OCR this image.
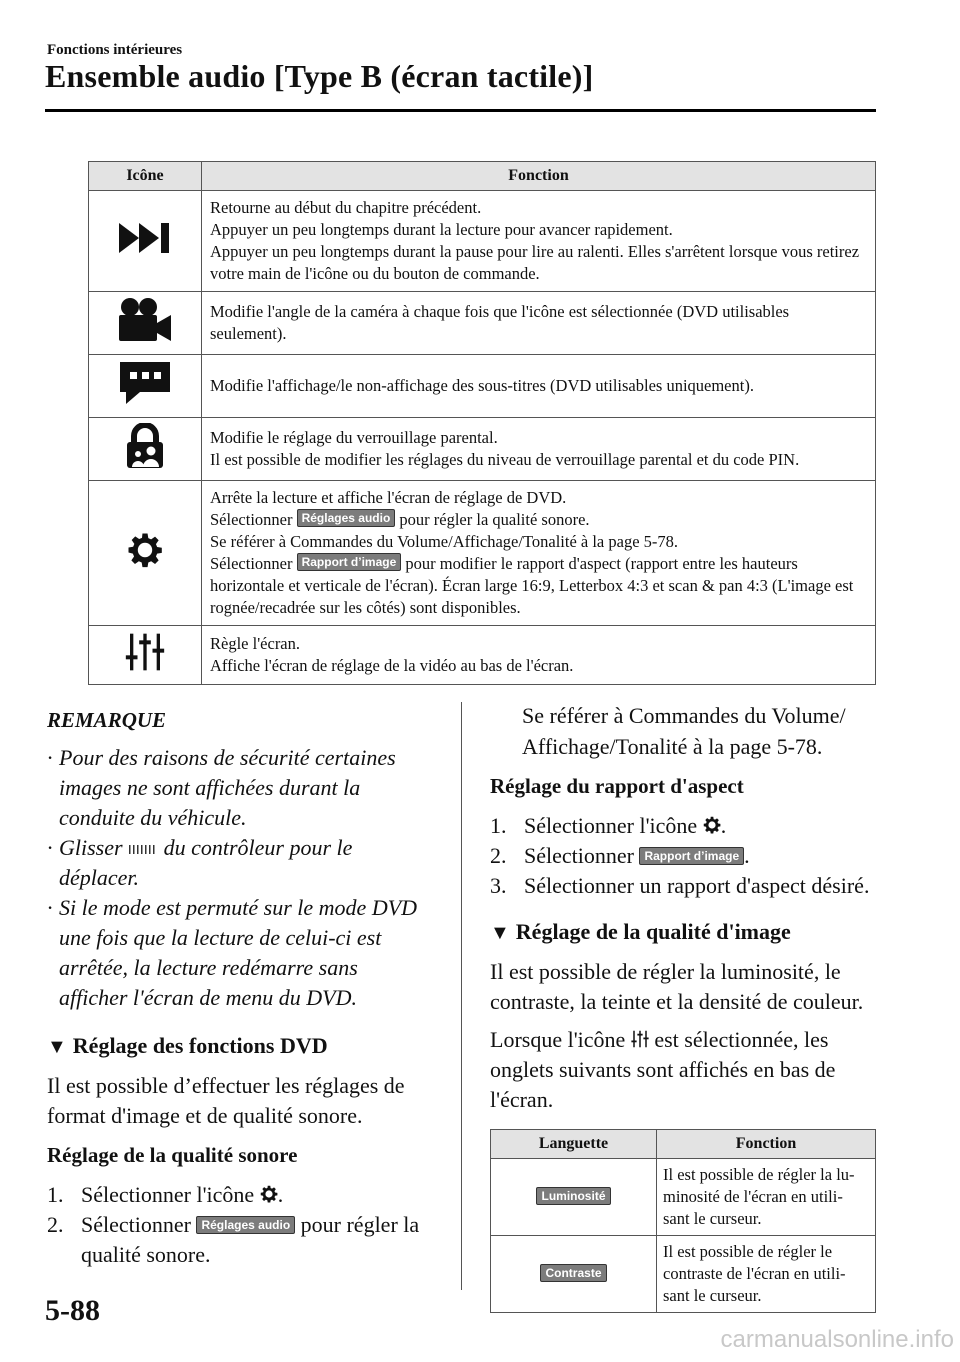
Fonctions intérieures
Ensemble audio [Type B (écran tactile)]
Icône	Fonction

Retourne au début du chapitre précédent.
Appuyer un peu longtemps durant la lecture pour avancer rapidement.
Appuyer un peu longtemps durant la pause pour lire au ralenti. Elles s'arrêtent lorsque vous retirez votre main de l'icône ou du bouton de commande.

Modifie l'angle de la caméra à chaque fois que l'icône est sélectionnée (DVD utilisables seulement).

Modifie l'affichage/le non-affichage des sous-titres (DVD utilisables uniquement).

Modifie le réglage du verrouillage parental.
Il est possible de modifier les réglages du niveau de verrouillage parental et du code PIN.

Arrête la lecture et affiche l'écran de réglage de DVD.
Sélectionner Réglages audio pour régler la qualité sonore.
Se référer à Commandes du Volume/Affichage/Tonalité à la page 5-78.
Sélectionner Rapport d’image pour modifier le rapport d'aspect (rapport entre les hauteurs horizontale et verticale de l'écran). Écran large 16:9, Letterbox 4:3 et scan & pan 4:3 (L'image est rognée/recadrée sur les côtés) sont disponibles.

Règle l'écran.
Affiche l'écran de réglage de la vidéo au bas de l'écran.
REMARQUE
· Pour des raisons de sécurité certaines images ne sont affichées durant la conduite du véhicule.
· Glisser du contrôleur pour le déplacer.
· Si le mode est permuté sur le mode DVD une fois que la lecture de celui-ci est arrêtée, la lecture redémarre sans afficher l'écran de menu du DVD.
▼ Réglage des fonctions DVD
Il est possible d’effectuer les réglages de format d'image et de qualité sonore.
Réglage de la qualité sonore
1. Sélectionner l'icône .
2. Sélectionner Réglages audio pour régler la qualité sonore.
Se référer à Commandes du Volume/ Affichage/Tonalité à la page 5-78.
Réglage du rapport d'aspect
1. Sélectionner l'icône .
2. Sélectionner Rapport d’image .
3. Sélectionner un rapport d'aspect désiré.
▼ Réglage de la qualité d'image
Il est possible de régler la luminosité, le contraste, la teinte et la densité de couleur.
Lorsque l'icône est sélectionnée, les onglets suivants sont affichés en bas de l'écran.
Languette	Fonction
Luminosité	Il est possible de régler la lu-minosité de l'écran en utili-sant le curseur.
Contraste	Il est possible de régler le contraste de l'écran en utili-sant le curseur.
5-88
carmanualsonline.info
